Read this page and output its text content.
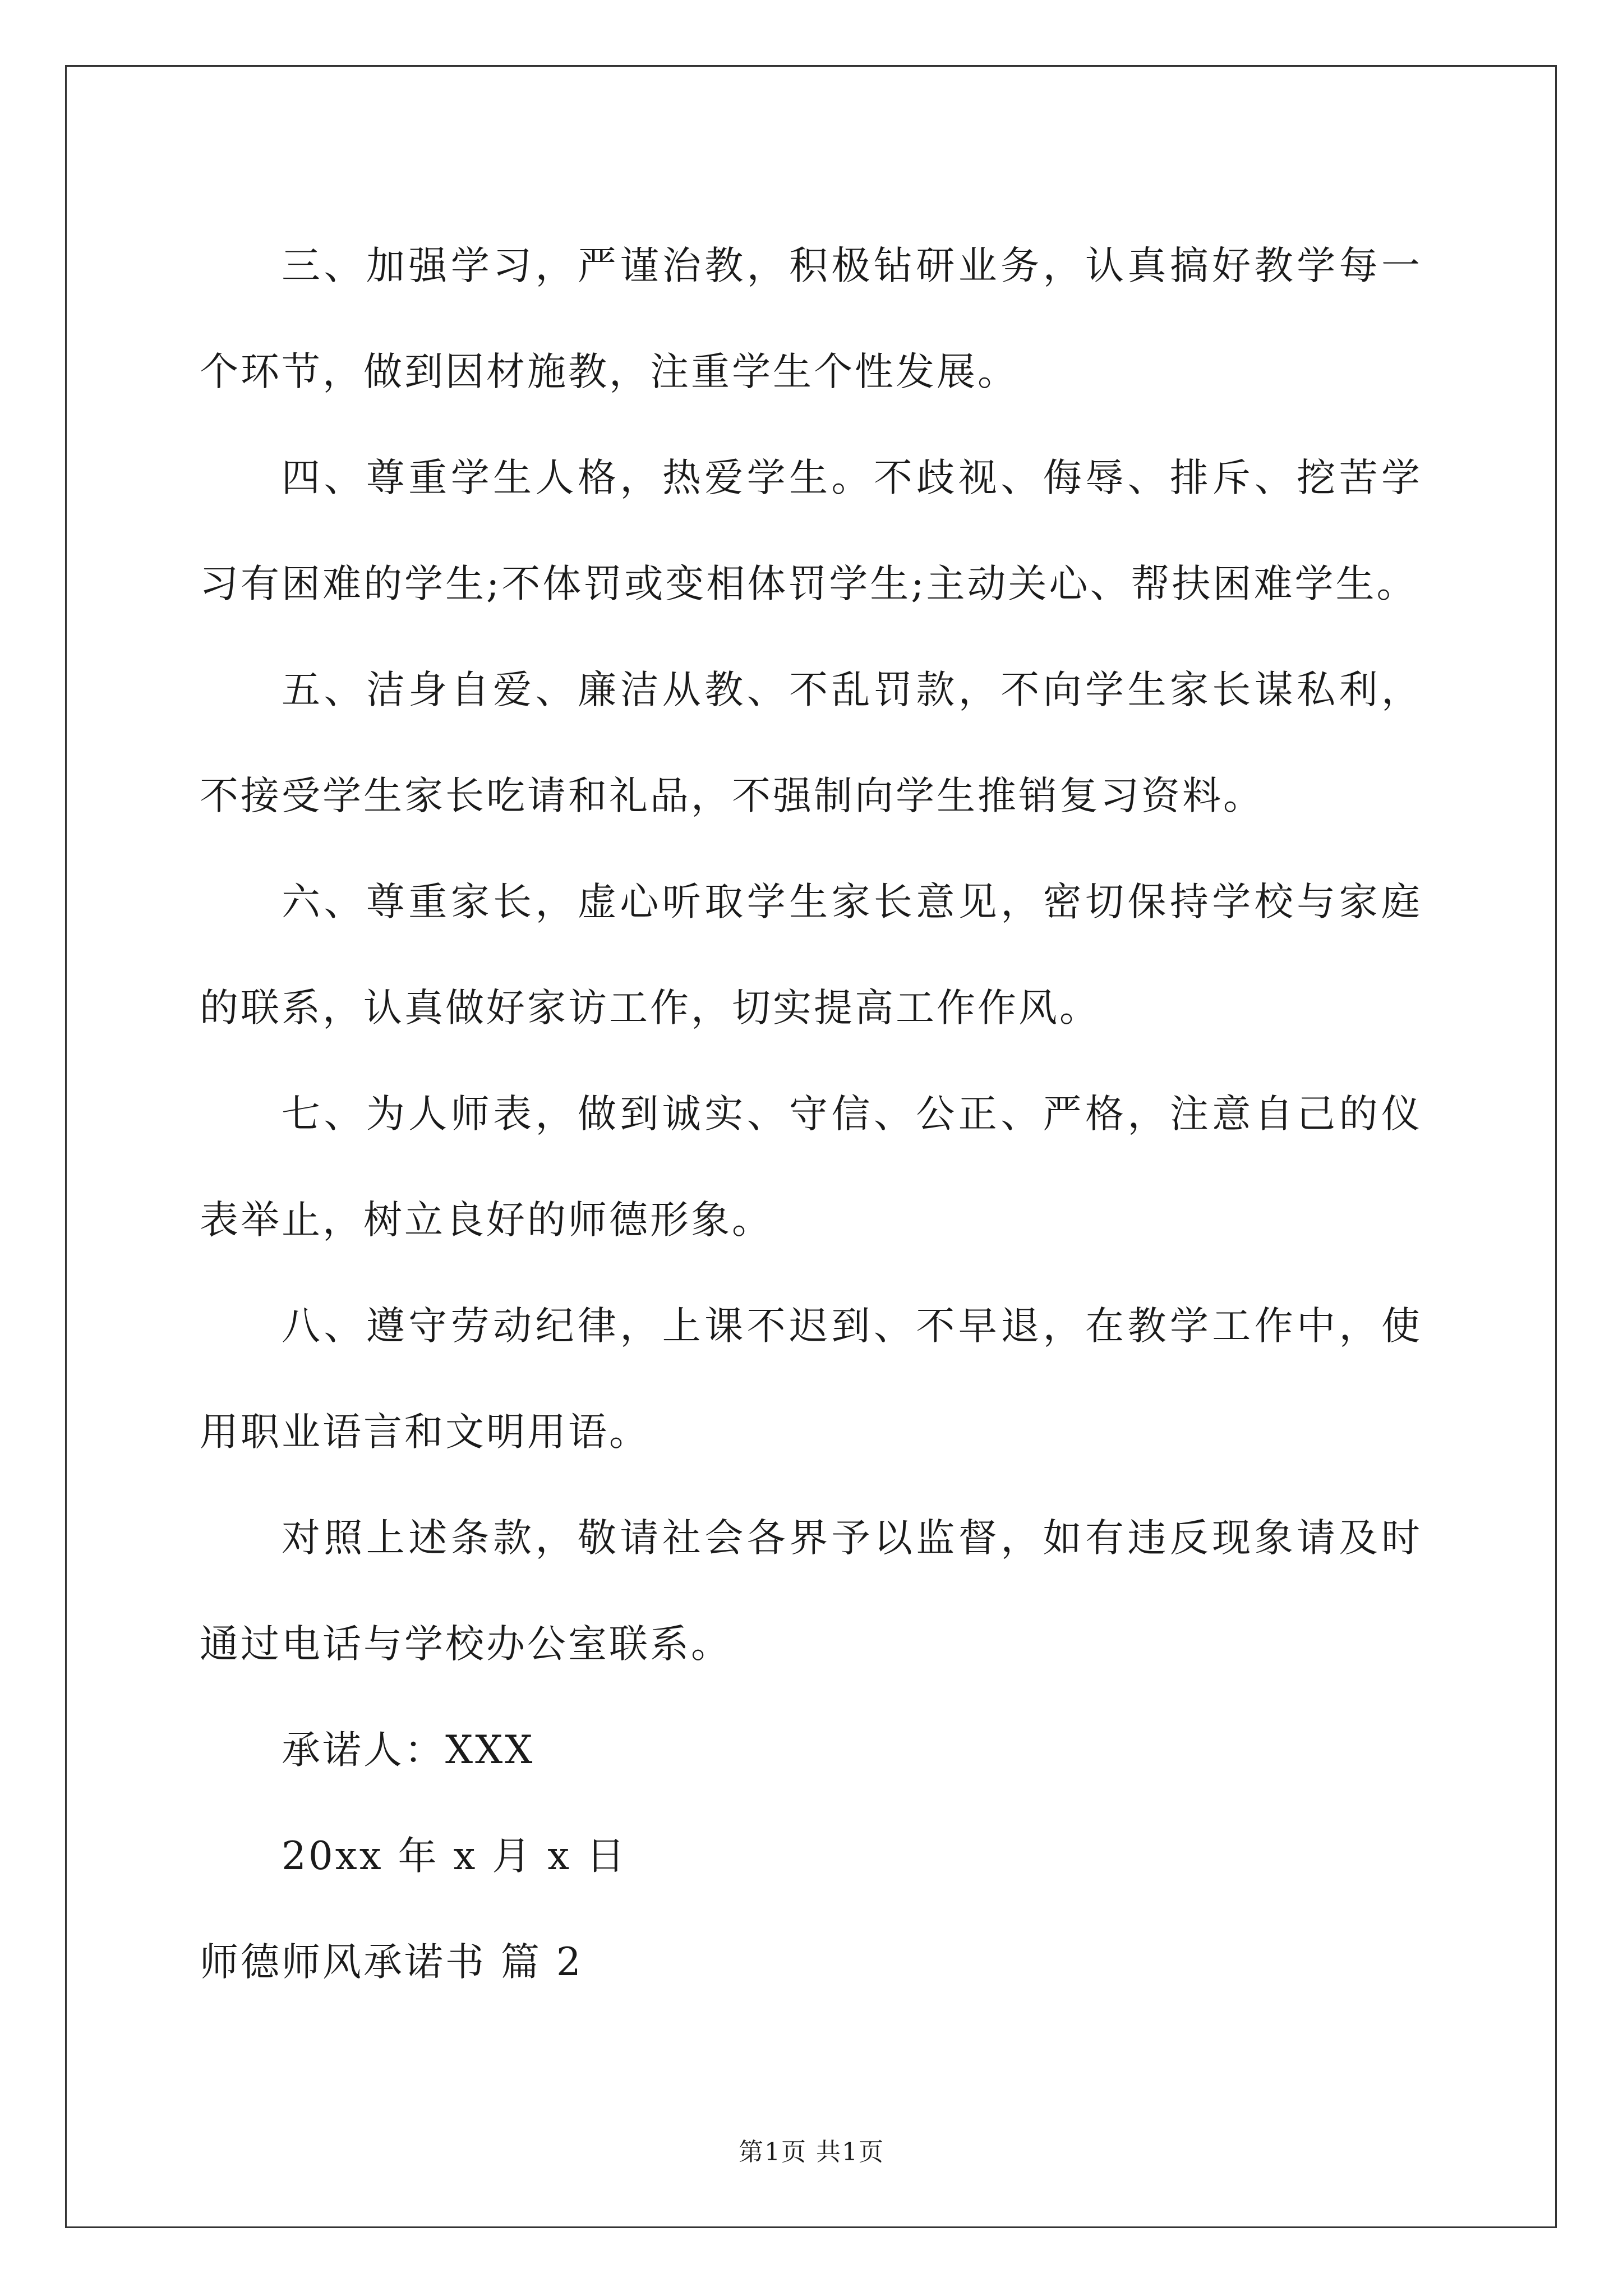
三、加强学习，严谨治教，积极钻研业务，认真搞好教学每一个环节，做到因材施教，注重学生个性发展。

四、尊重学生人格，热爱学生。不歧视、侮辱、排斥、挖苦学习有困难的学生;不体罚或变相体罚学生;主动关心、帮扶困难学生。

五、洁身自爱、廉洁从教、不乱罚款，不向学生家长谋私利，不接受学生家长吃请和礼品，不强制向学生推销复习资料。

六、尊重家长，虚心听取学生家长意见，密切保持学校与家庭的联系，认真做好家访工作，切实提高工作作风。

七、为人师表，做到诚实、守信、公正、严格，注意自己的仪表举止，树立良好的师德形象。

八、遵守劳动纪律，上课不迟到、不早退，在教学工作中，使用职业语言和文明用语。

对照上述条款，敬请社会各界予以监督，如有违反现象请及时通过电话与学校办公室联系。

承诺人：XXX

20xx 年 x 月 x 日

师德师风承诺书 篇 2

第1页 共1页
